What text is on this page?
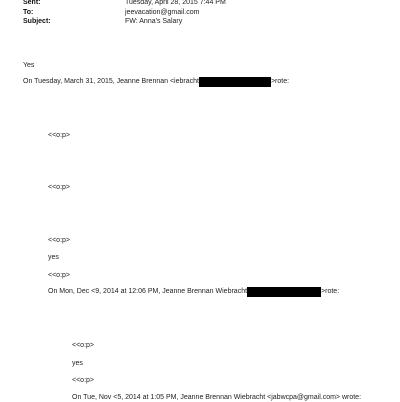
Sent:	Tuesday, April 28, 2015 7:44 PM
To:	jeevacation@gmail.com
Subject:	FW: Anna's Salary
Yes
On Tuesday, March 31, 2015, Jeanne Brennan <iebracht	>rote:
<<o:p>
<<o:p>
<<o:p>
yes
<<o:p>
On Mon, Dec <9, 2014 at 12:06 PM, Jeanne Brennan Wiebracht	>rote:
<<o:p>
yes
<<o:p>
On Tue, Nov <5, 2014 at 1:05 PM, Jeanne Brennan Wiebracht <jabwcpa@gmail.com> wrote:
